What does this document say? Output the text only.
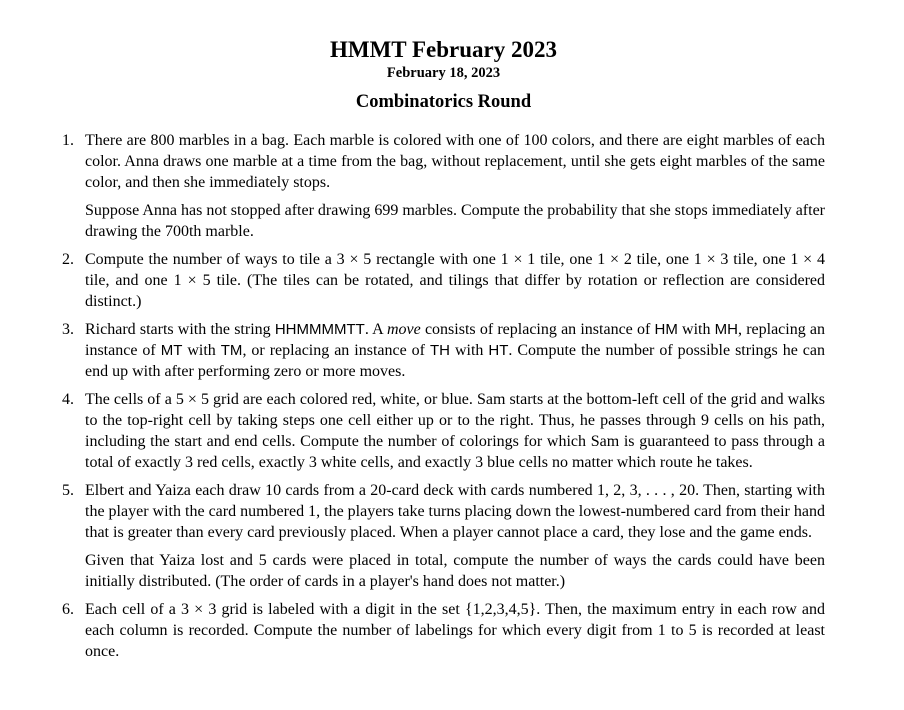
HMMT February 2023
February 18, 2023
Combinatorics Round
1. There are 800 marbles in a bag. Each marble is colored with one of 100 colors, and there are eight marbles of each color. Anna draws one marble at a time from the bag, without replacement, until she gets eight marbles of the same color, and then she immediately stops.

Suppose Anna has not stopped after drawing 699 marbles. Compute the probability that she stops immediately after drawing the 700th marble.

2. Compute the number of ways to tile a 3 × 5 rectangle with one 1 × 1 tile, one 1 × 2 tile, one 1 × 3 tile, one 1 × 4 tile, and one 1 × 5 tile. (The tiles can be rotated, and tilings that differ by rotation or reflection are considered distinct.)

3. Richard starts with the string HHMMMMTT. A move consists of replacing an instance of HM with MH, replacing an instance of MT with TM, or replacing an instance of TH with HT. Compute the number of possible strings he can end up with after performing zero or more moves.

4. The cells of a 5 × 5 grid are each colored red, white, or blue. Sam starts at the bottom-left cell of the grid and walks to the top-right cell by taking steps one cell either up or to the right. Thus, he passes through 9 cells on his path, including the start and end cells. Compute the number of colorings for which Sam is guaranteed to pass through a total of exactly 3 red cells, exactly 3 white cells, and exactly 3 blue cells no matter which route he takes.

5. Elbert and Yaiza each draw 10 cards from a 20-card deck with cards numbered 1, 2, 3, . . . , 20. Then, starting with the player with the card numbered 1, the players take turns placing down the lowest-numbered card from their hand that is greater than every card previously placed. When a player cannot place a card, they lose and the game ends.

Given that Yaiza lost and 5 cards were placed in total, compute the number of ways the cards could have been initially distributed. (The order of cards in a player's hand does not matter.)

6. Each cell of a 3 × 3 grid is labeled with a digit in the set {1,2,3,4,5}. Then, the maximum entry in each row and each column is recorded. Compute the number of labelings for which every digit from 1 to 5 is recorded at least once.
